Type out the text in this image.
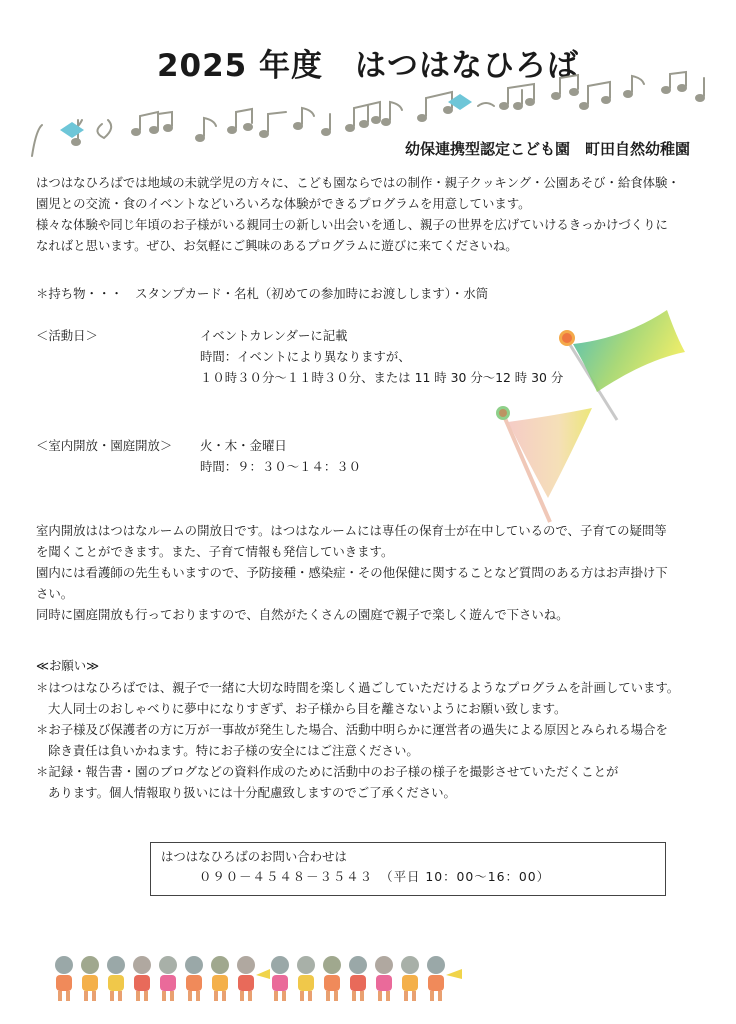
2025 年度　はつはなひろば

幼保連携型認定こども園　町田自然幼稚園

はつはなひろばでは地域の未就学児の方々に、こども園ならではの制作・親子クッキング・公園あそび・給食体験・

園児との交流・食のイベントなどいろいろな体験ができるプログラムを用意しています。

様々な体験や同じ年頃のお子様がいる親同士の新しい出会いを通し、親子の世界を広げていけるきっかけづくりに

なればと思います。ぜひ、お気軽にご興味のあるプログラムに遊びに来てくださいね。

＊持ち物・・・　スタンプカード・名札（初めての参加時にお渡しします）・水筒

＜活動日＞	イベントカレンダーに記載
時間：イベントにより異なりますが、
１０時３０分～１１時３０分、または 11 時 30 分～12 時 30 分
＜室内開放・園庭開放＞ 火・木・金曜日
時間：９：３０～１４：３０

室内開放ははつはなルームの開放日です。はつはなルームには専任の保育士が在中しているので、子育ての疑問等

を聞くことができます。また、子育て情報も発信していきます。

園内には看護師の先生もいますので、予防接種・感染症・その他保健に関することなど質問のある方はお声掛け下

さい。

同時に園庭開放も行っておりますので、自然がたくさんの園庭で親子で楽しく遊んで下さいね。

≪お願い≫
＊はつはなひろばでは、親子で一緒に大切な時間を楽しく過ごしていただけるようなプログラムを計画しています。
大人同士のおしゃべりに夢中になりすぎず、お子様から目を離さないようにお願い致します。
＊お子様及び保護者の方に万が一事故が発生した場合、活動中明らかに運営者の過失による原因とみられる場合を
除き責任は負いかねます。特にお子様の安全にはご注意ください。
＊記録・報告書・園のブログなどの資料作成のために活動中のお子様の様子を撮影させていただくことが
あります。個人情報取り扱いには十分配慮致しますのでご了承ください。
はつはなひろばのお問い合わせは
０９０－４５４８－３５４３　（平日 10：00～16：00）
